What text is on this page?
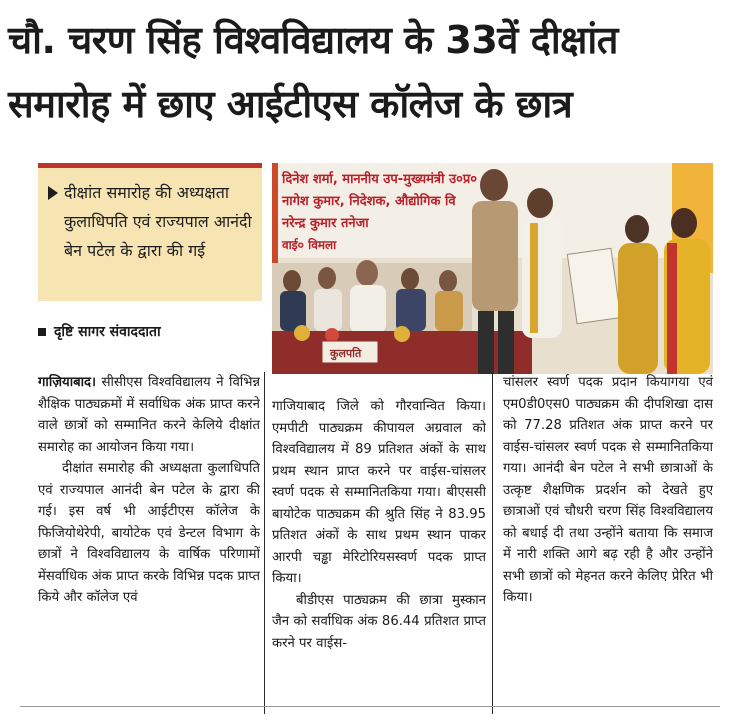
चौ. चरण सिंह विश्वविद्यालय के 33वें दीक्षांत
समारोह में छाए आईटीएस कॉलेज के छात्र
दीक्षांत समारोह की अध्यक्षता कुलाधिपति एवं राज्यपाल आनंदी बेन पटेल के द्वारा की गई
दृष्टि सागर संवाददाता
दिनेश शर्मा, माननीय उप-मुख्यमंत्री उ०प्र०
नागेश कुमार, निदेशक, औद्योगिक वि
नरेन्द्र कुमार तनेजा
वाई० विमला
कुलपति

गाज़ियाबाद। सीसीएस विश्वविद्यालय ने विभिन्न शैक्षिक पाठ्यक्रमों में सर्वाधिक अंक प्राप्त करने वाले छात्रों को सम्मानित करने केलिये दीक्षांत समारोह का आयोजन किया गया।

दीक्षांत समारोह की अध्यक्षता कुलाधिपति एवं राज्यपाल आनंदी बेन पटेल के द्वारा की गई। इस वर्ष भी आईटीएस कॉलेज के फिजियोथेरेपी, बायोटेक एवं डेन्टल विभाग के छात्रों ने विश्वविद्यालय के वार्षिक परिणामों मेंसर्वाधिक अंक प्राप्त करके विभिन्न पदक प्राप्त किये और कॉलेज एवं

गाजियाबाद जिले को गौरवान्वित किया। एमपीटी पाठ्यक्रम कीपायल अग्रवाल को विश्वविद्यालय में 89 प्रतिशत अंकों के साथ प्रथम स्थान प्राप्त करने पर वाईस-चांसलर स्वर्ण पदक से सम्मानितकिया गया। बीएससी बायोटेक पाठ्यक्रम की श्रुति सिंह ने 83.95 प्रतिशत अंकों के साथ प्रथम स्थान पाकर आरपी चड्ढा मेरिटोरियसस्वर्ण पदक प्राप्त किया।

बीडीएस पाठ्यक्रम की छात्रा मुस्कान जैन को सर्वाधिक अंक 86.44 प्रतिशत प्राप्त करने पर वाईस-

चांसलर स्वर्ण पदक प्रदान कियागया एवं एम0डी0एस0 पाठ्यक्रम की दीपशिखा दास को 77.28 प्रतिशत अंक प्राप्त करने पर वाईस-चांसलर स्वर्ण पदक से सम्मानितकिया गया। आनंदी बेन पटेल ने सभी छात्राओं के उत्कृष्ट शैक्षणिक प्रदर्शन को देखते हुए छात्राओं एवं चौधरी चरण सिंह विश्वविद्यालय को बधाई दी तथा उन्होंने बताया कि समाज में नारी शक्ति आगे बढ़ रही है और उन्होंने सभी छात्रों को मेहनत करने केलिए प्रेरित भी किया।
